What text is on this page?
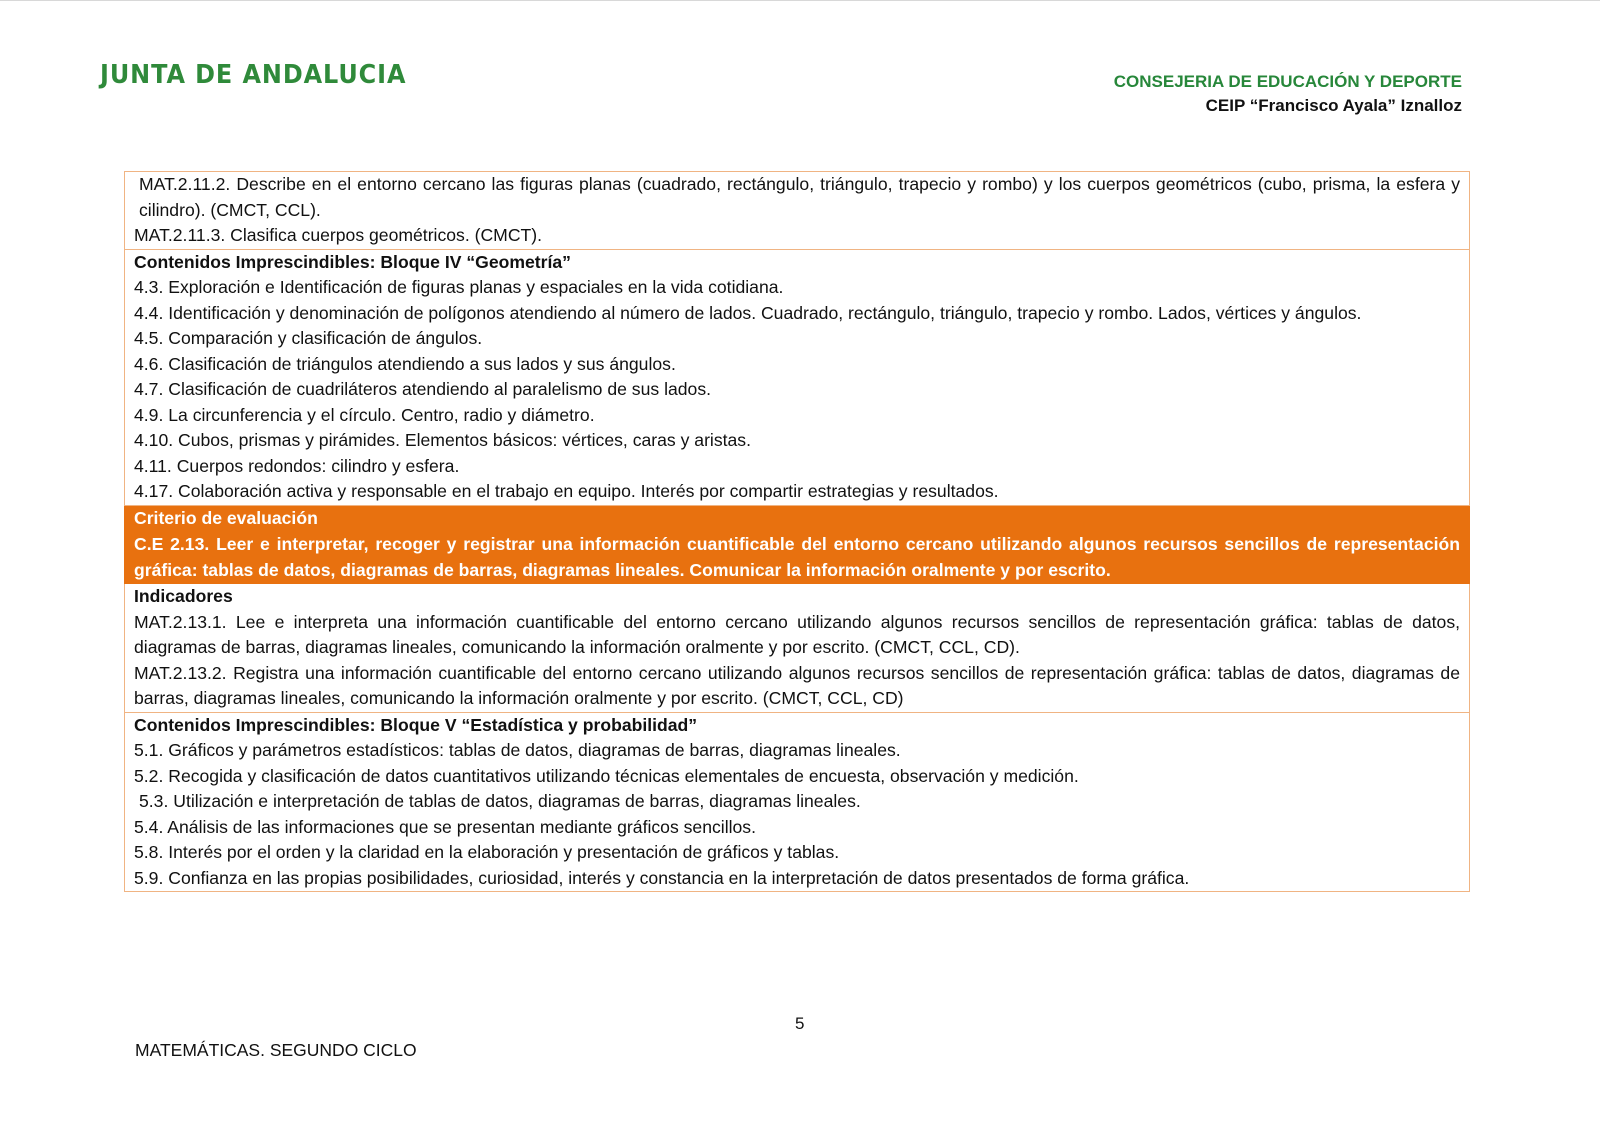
JUNTA DE ANDALUCIA	CONSEJERIA DE EDUCACIÓN Y DEPORTE
CEIP “Francisco Ayala” Iznalloz

MAT.2.11.2. Describe en el entorno cercano las figuras planas (cuadrado, rectángulo, triángulo, trapecio y rombo) y los cuerpos geométricos (cubo, prisma, la esfera y cilindro). (CMCT, CCL).

MAT.2.11.3. Clasifica cuerpos geométricos. (CMCT).

Contenidos Imprescindibles: Bloque IV “Geometría”

4.3. Exploración e Identificación de figuras planas y espaciales en la vida cotidiana.

4.4. Identificación y denominación de polígonos atendiendo al número de lados. Cuadrado, rectángulo, triángulo, trapecio y rombo. Lados, vértices y ángulos.

4.5. Comparación y clasificación de ángulos.

4.6. Clasificación de triángulos atendiendo a sus lados y sus ángulos.

4.7. Clasificación de cuadriláteros atendiendo al paralelismo de sus lados.

4.9. La circunferencia y el círculo. Centro, radio y diámetro.

4.10. Cubos, prismas y pirámides. Elementos básicos: vértices, caras y aristas.

4.11. Cuerpos redondos: cilindro y esfera.

4.17. Colaboración activa y responsable en el trabajo en equipo. Interés por compartir estrategias y resultados.

Criterio de evaluación
C.E 2.13. Leer e interpretar, recoger y registrar una información cuantificable del entorno cercano utilizando algunos recursos sencillos de representación gráfica: tablas de datos, diagramas de barras, diagramas lineales. Comunicar la información oralmente y por escrito.

Indicadores

MAT.2.13.1. Lee e interpreta una información cuantificable del entorno cercano utilizando algunos recursos sencillos de representación gráfica: tablas de datos, diagramas de barras, diagramas lineales, comunicando la información oralmente y por escrito. (CMCT, CCL, CD).

MAT.2.13.2. Registra una información cuantificable del entorno cercano utilizando algunos recursos sencillos de representación gráfica: tablas de datos, diagramas de barras, diagramas lineales, comunicando la información oralmente y por escrito. (CMCT, CCL, CD)

Contenidos Imprescindibles: Bloque V “Estadística y probabilidad”

5.1. Gráficos y parámetros estadísticos: tablas de datos, diagramas de barras, diagramas lineales.

5.2. Recogida y clasificación de datos cuantitativos utilizando técnicas elementales de encuesta, observación y medición.

5.3. Utilización e interpretación de tablas de datos, diagramas de barras, diagramas lineales.

5.4. Análisis de las informaciones que se presentan mediante gráficos sencillos.

5.8. Interés por el orden y la claridad en la elaboración y presentación de gráficos y tablas.

5.9. Confianza en las propias posibilidades, curiosidad, interés y constancia en la interpretación de datos presentados de forma gráfica.

5
MATEMÁTICAS. SEGUNDO CICLO
